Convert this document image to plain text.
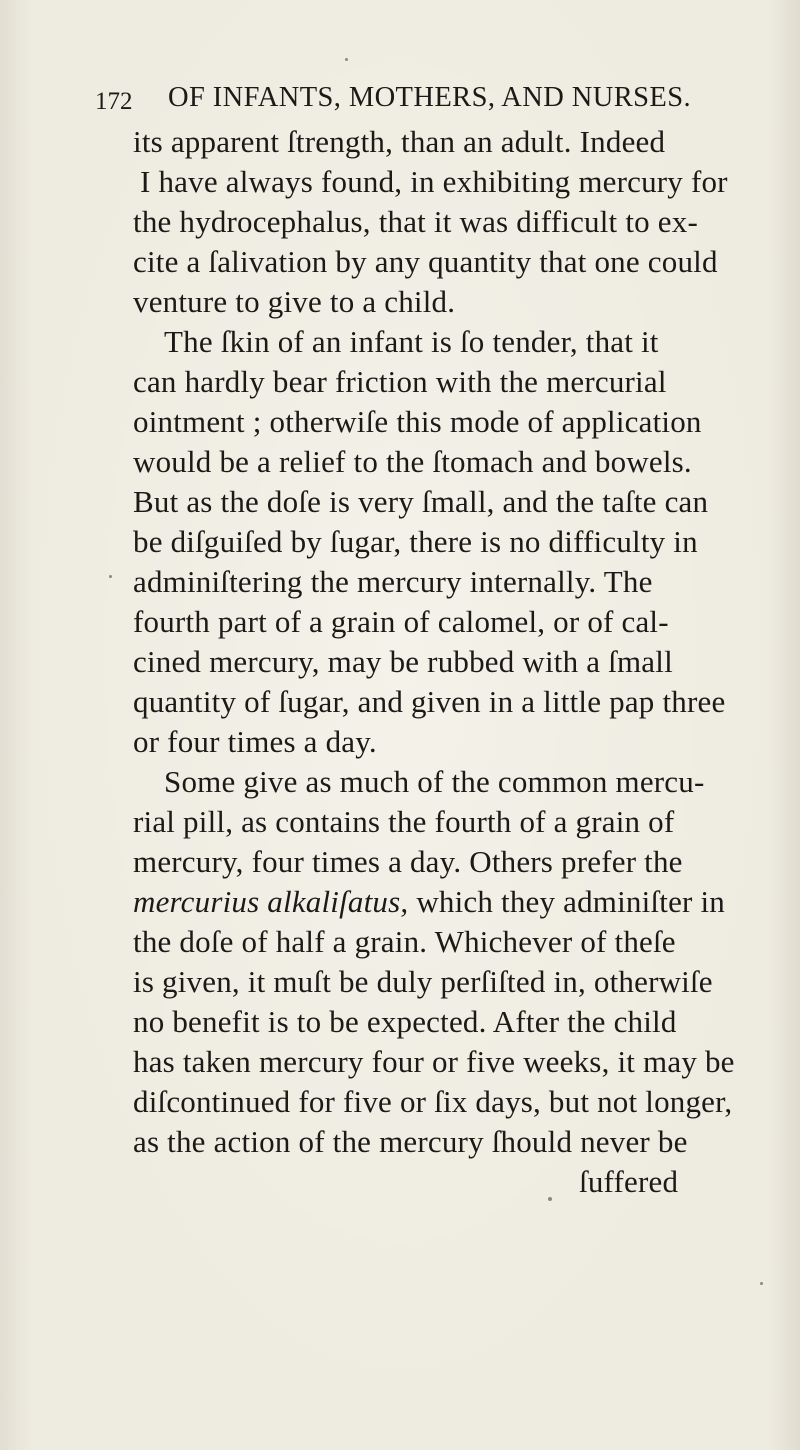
172 OF INFANTS, MOTHERS, AND NURSES.
its apparent ſtrength, than an adult. Indeed
I have always found, in exhibiting mercury for
the hydrocephalus, that it was difficult to ex-
cite a ſalivation by any quantity that one could
venture to give to a child.
The ſkin of an infant is ſo tender, that it
can hardly bear friction with the mercurial
ointment ; otherwiſe this mode of application
would be a relief to the ſtomach and bowels.
But as the doſe is very ſmall, and the taſte can
be diſguiſed by ſugar, there is no difficulty in
adminiſtering the mercury internally. The
fourth part of a grain of calomel, or of cal-
cined mercury, may be rubbed with a ſmall
quantity of ſugar, and given in a little pap three
or four times a day.
Some give as much of the common mercu-
rial pill, as contains the fourth of a grain of
mercury, four times a day. Others prefer the
mercurius alkaliſatus, which they adminiſter in
the doſe of half a grain. Whichever of theſe
is given, it muſt be duly perſiſted in, otherwiſe
no benefit is to be expected. After the child
has taken mercury four or five weeks, it may be
diſcontinued for five or ſix days, but not longer,
as the action of the mercury ſhould never be
ſuffered
